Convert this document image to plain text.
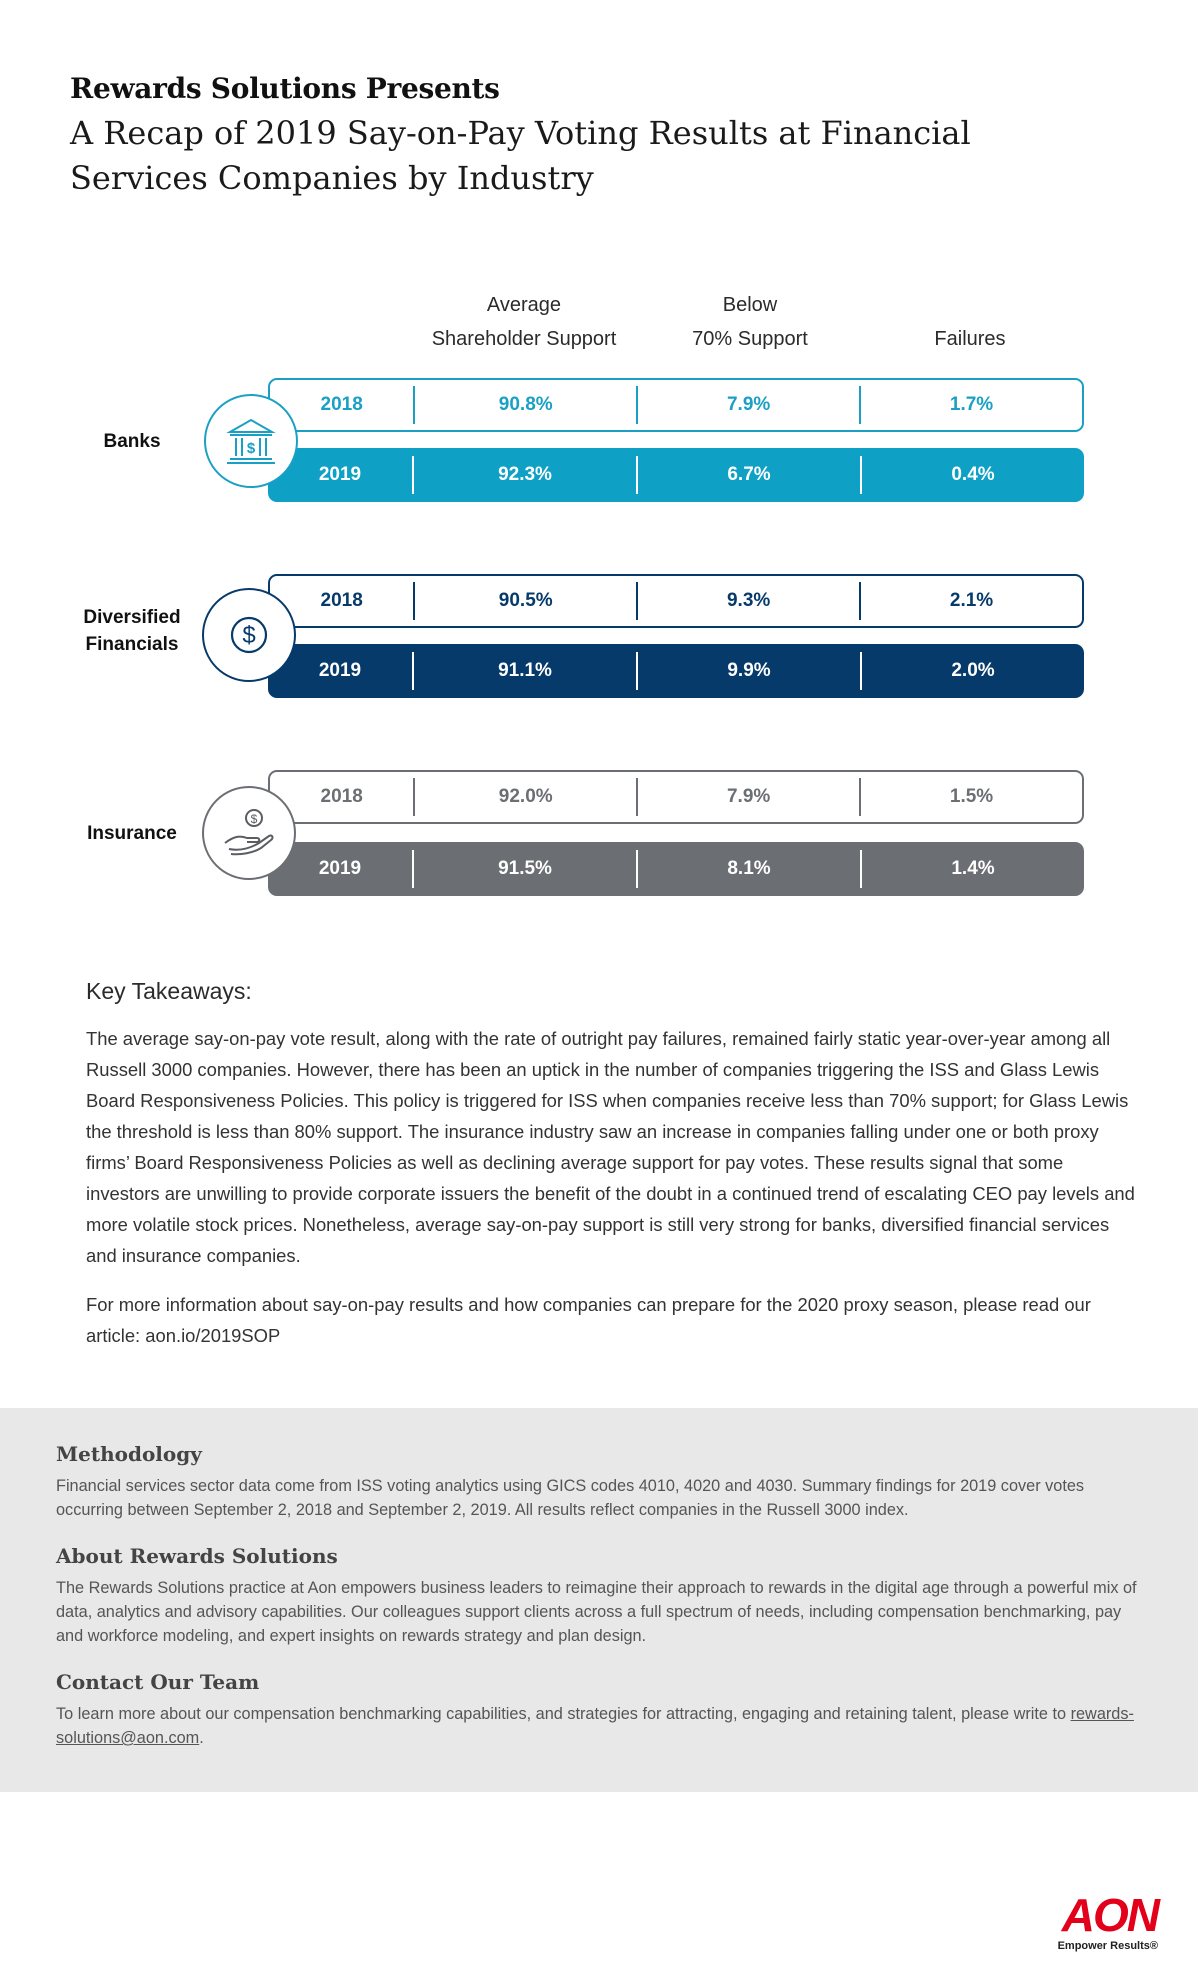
Rewards Solutions Presents
A Recap of 2019 Say-on-Pay Voting Results at Financial Services Companies by Industry
Average
Shareholder Support
Below
70% Support	Failures
Banks	$
2018	90.8%	7.9%	1.7%
2019	92.3%	6.7%	0.4%
Diversified
Financials	$
2018	90.5%	9.3%	2.1%
2019	91.1%	9.9%	2.0%
Insurance
$
2018	92.0%	7.9%	1.5%
2019	91.5%	8.1%	1.4%
Key Takeaways:
The average say-on-pay vote result, along with the rate of outright pay failures, remained fairly static year-over-year among all Russell 3000 companies. However, there has been an uptick in the number of companies triggering the ISS and Glass Lewis Board Responsiveness Policies. This policy is triggered for ISS when companies receive less than 70% support; for Glass Lewis the threshold is less than 80% support. The insurance industry saw an increase in companies falling under one or both proxy firms’ Board Responsiveness Policies as well as declining average support for pay votes. These results signal that some investors are unwilling to provide corporate issuers the benefit of the doubt in a continued trend of escalating CEO pay levels and more volatile stock prices. Nonetheless, average say-on-pay support is still very strong for banks, diversified financial services and insurance companies.
For more information about say-on-pay results and how companies can prepare for the 2020 proxy season, please read our article: aon.io/2019SOP
Methodology
Financial services sector data come from ISS voting analytics using GICS codes 4010, 4020 and 4030. Summary findings for 2019 cover votes occurring between September 2, 2018 and September 2, 2019. All results reflect companies in the Russell 3000 index.
About Rewards Solutions
The Rewards Solutions practice at Aon empowers business leaders to reimagine their approach to rewards in the digital age through a powerful mix of data, analytics and advisory capabilities. Our colleagues support clients across a full spectrum of needs, including compensation benchmarking, pay and workforce modeling, and expert insights on rewards strategy and plan design.
Contact Our Team
To learn more about our compensation benchmarking capabilities, and strategies for attracting, engaging and retaining talent, please write to rewards-solutions@aon.com.
AON
Empower Results®
